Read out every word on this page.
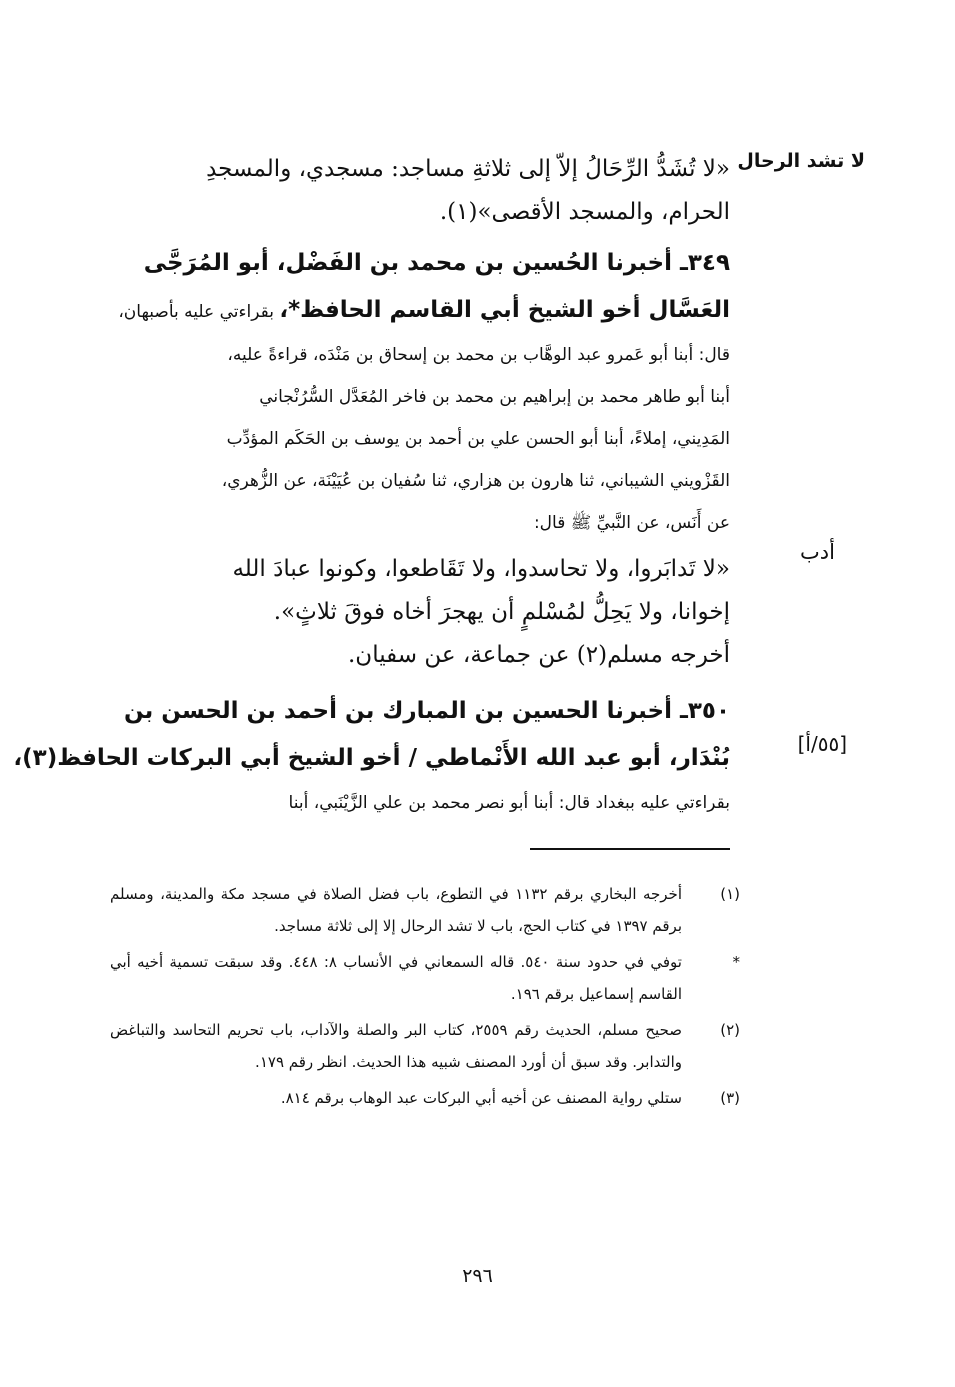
لا تشد الرحال
أدب
[٥٥/أ]
«لا تُشَدُّ الرِّحَالُ إلاّ إلى ثلاثةِ مساجد: مسجدي، والمسجدِ
الحرام، والمسجد الأقصى»(١).
٣٤٩ـ أخبرنا الحُسين بن محمد بن الفَضْل، أبو المُرَجَّى
العَسَّال أخو الشيخ أبي القاسم الحافظ*، بقراءتي عليه بأصبهان،
قال: أبنا أبو عَمرو عبد الوهَّاب بن محمد بن إسحاق بن مَنْدَه، قراءةً عليه،
أبنا أبو طاهر محمد بن إبراهيم بن محمد بن فاخر المُعَدَّل السُّرُنْجاني
المَدِيني، إملاءً، أبنا أبو الحسن علي بن أحمد بن يوسف بن الحَكَم المؤدِّب
القَزْويني الشيباني، ثنا هارون بن هزاري، ثنا سُفيان بن عُيَيْنَة، عن الزُّهري،
عن أَنَس، عن النَّبيِّ ﷺ قال:
«لا تَدابَروا، ولا تحاسدوا، ولا تَقَاطعوا، وكونوا عبادَ الله
إخوانا، ولا يَحِلُّ لمُسْلمٍ أن يهجرَ أخاه فوقَ ثلاثٍ».
أخرجه مسلم(٢) عن جماعة، عن سفيان.
٣٥٠ـ أخبرنا الحسين بن المبارك بن أحمد بن الحسن بن
بُنْدَار، أبو عبد الله الأَنْماطي / أخو الشيخ أبي البركات الحافظ(٣)،
بقراءتي عليه ببغداد قال: أبنا أبو نصر محمد بن علي الزَّيْنَبي، أبنا
(١)
أخرجه البخاري برقم ١١٣٢ في التطوع، باب فضل الصلاة في مسجد مكة والمدينة، ومسلم برقم ١٣٩٧ في كتاب الحج، باب لا تشد الرحال إلا إلى ثلاثة مساجد.
*
توفي في حدود سنة ٥٤٠. قاله السمعاني في الأنساب ٨: ٤٤٨. وقد سبقت تسمية أخيه أبي القاسم إسماعيل برقم ١٩٦.
(٢)
صحيح مسلم، الحديث رقم ٢٥٥٩، كتاب البر والصلة والآداب، باب تحريم التحاسد والتباغض والتدابر. وقد سبق أن أورد المصنف شبيه هذا الحديث. انظر رقم ١٧٩.
(٣)
ستلي رواية المصنف عن أخيه أبي البركات عبد الوهاب برقم ٨١٤.
٢٩٦
